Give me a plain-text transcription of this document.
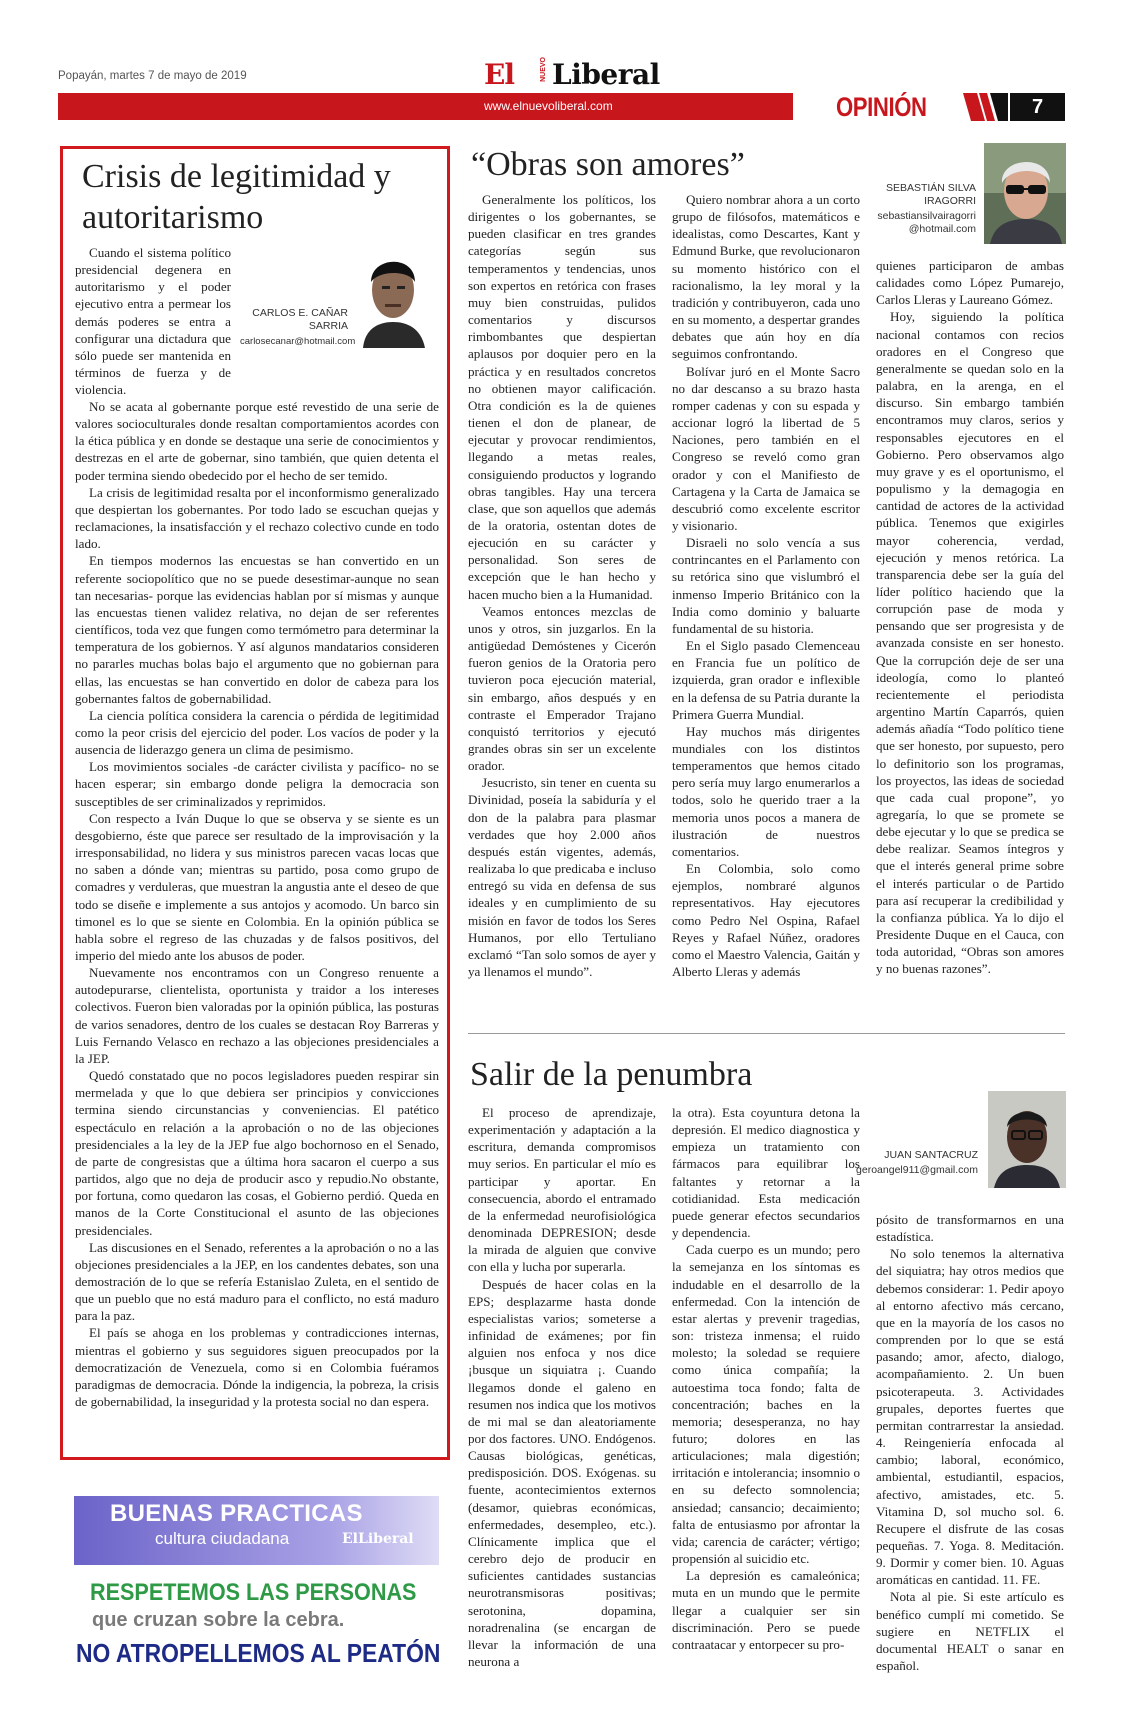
Popayán, martes 7 de mayo de 2019	El	NUEVO Liberal
www.elnuevoliberal.com	OPINIÓN	7
Crisis de legitimidad y autoritarismo

Cuando el sistema político presidencial degenera en autoritarismo y el poder ejecutivo entra a permear los demás poderes se entra a configurar una dictadura que sólo puede ser mantenida en términos de fuerza y de violencia.

CARLOS E. CAÑAR SARRIA
carlosecanar@hotmail.com

No se acata al gobernante porque esté revestido de una serie de valores socioculturales donde resaltan comportamientos acordes con la ética pública y en donde se destaque una serie de conocimientos y destrezas en el arte de gobernar, sino también, que quien detenta el poder termina siendo obedecido por el hecho de ser temido.

La crisis de legitimidad resalta por el inconformismo generalizado que despiertan los gobernantes. Por todo lado se escuchan quejas y reclamaciones, la insatisfacción y el rechazo colectivo cunde en todo lado.

En tiempos modernos las encuestas se han convertido en un referente sociopolítico que no se puede desestimar-aunque no sean tan necesarias- porque las evidencias hablan por sí mismas y aunque las encuestas tienen validez relativa, no dejan de ser referentes científicos, toda vez que fungen como termómetro para determinar la temperatura de los gobiernos. Y así algunos mandatarios consideren no pararles muchas bolas bajo el argumento que no gobiernan para ellas, las encuestas se han convertido en dolor de cabeza para los gobernantes faltos de gobernabilidad.

La ciencia política considera la carencia o pérdida de legitimidad como la peor crisis del ejercicio del poder. Los vacíos de poder y la ausencia de liderazgo genera un clima de pesimismo.

Los movimientos sociales -de carácter civilista y pacífico- no se hacen esperar; sin embargo donde peligra la democracia son susceptibles de ser criminalizados y reprimidos.

Con respecto a Iván Duque lo que se observa y se siente es un desgobierno, éste que parece ser resultado de la improvisación y la irresponsabilidad, no lidera y sus ministros parecen vacas locas que no saben a dónde van; mientras su partido, posa como grupo de comadres y verduleras, que muestran la angustia ante el deseo de que todo se diseñe e implemente a sus antojos y acomodo. Un barco sin timonel es lo que se siente en Colombia. En la opinión pública se habla sobre el regreso de las chuzadas y de falsos positivos, del imperio del miedo ante los abusos de poder.

Nuevamente nos encontramos con un Congreso renuente a autodepurarse, clientelista, oportunista y traidor a los intereses colectivos. Fueron bien valoradas por la opinión pública, las posturas de varios senadores, dentro de los cuales se destacan Roy Barreras y Luis Fernando Velasco en rechazo a las objeciones presidenciales a la JEP.

Quedó constatado que no pocos legisladores pueden respirar sin mermelada y que lo que debiera ser principios y convicciones termina siendo circunstancias y conveniencias. El patético espectáculo en relación a la aprobación o no de las objeciones presidenciales a la ley de la JEP fue algo bochornoso en el Senado, de parte de congresistas que a última hora sacaron el cuerpo a sus partidos, algo que no deja de producir asco y repudio.No obstante, por fortuna, como quedaron las cosas, el Gobierno perdió. Queda en manos de la Corte Constitucional el asunto de las objeciones presidenciales.

Las discusiones en el Senado, referentes a la aprobación o no a las objeciones presidenciales a la JEP, en los candentes debates, son una demostración de lo que se refería Estanislao Zuleta, en el sentido de que un pueblo que no está maduro para el conflicto, no está maduro para la paz.

El país se ahoga en los problemas y contradicciones internas, mientras el gobierno y sus seguidores siguen preocupados por la democratización de Venezuela, como si en Colombia fuéramos paradigmas de democracia. Dónde la indigencia, la pobreza, la crisis de gobernabilidad, la inseguridad y la protesta social no dan espera.

“Obras son amores”
SEBASTIÁN SILVA IRAGORRI
sebastiansilvairagorri@hotmail.com

Generalmente los políticos, los dirigentes o los gobernantes, se pueden clasificar en tres grandes categorías según sus temperamentos y tendencias, unos son expertos en retórica con frases muy bien construidas, pulidos comentarios y discursos rimbombantes que despiertan aplausos por doquier pero en la práctica y en resultados concretos no obtienen mayor calificación. Otra condición es la de quienes tienen el don de planear, de ejecutar y provocar rendimientos, llegando a metas reales, consiguiendo productos y logrando obras tangibles. Hay una tercera clase, que son aquellos que además de la oratoria, ostentan dotes de ejecución en su carácter y personalidad. Son seres de excepción que le han hecho y hacen mucho bien a la Humanidad.

Veamos entonces mezclas de unos y otros, sin juzgarlos. En la antigüedad Demóstenes y Cicerón fueron genios de la Oratoria pero tuvieron poca ejecución material, sin embargo, años después y en contraste el Emperador Trajano conquistó territorios y ejecutó grandes obras sin ser un excelente orador.

Jesucristo, sin tener en cuenta su Divinidad, poseía la sabiduría y el don de la palabra para plasmar verdades que hoy 2.000 años después están vigentes, además, realizaba lo que predicaba e incluso entregó su vida en defensa de sus ideales y en cumplimiento de su misión en favor de todos los Seres Humanos, por ello Tertuliano exclamó “Tan solo somos de ayer y ya llenamos el mundo”.

Quiero nombrar ahora a un corto grupo de filósofos, matemáticos e idealistas, como Descartes, Kant y Edmund Burke, que revolucionaron su momento histórico con el racionalismo, la ley moral y la tradición y contribuyeron, cada uno en su momento, a despertar grandes debates que aún hoy en día seguimos confrontando.

Bolívar juró en el Monte Sacro no dar descanso a su brazo hasta romper cadenas y con su espada y accionar logró la libertad de 5 Naciones, pero también en el Congreso se reveló como gran orador y con el Manifiesto de Cartagena y la Carta de Jamaica se descubrió como excelente escritor y visionario.

Disraeli no solo vencía a sus contrincantes en el Parlamento con su retórica sino que vislumbró el inmenso Imperio Británico con la India como dominio y baluarte fundamental de su historia.

En el Siglo pasado Clemenceau en Francia fue un político de izquierda, gran orador e inflexible en la defensa de su Patria durante la Primera Guerra Mundial.

Hay muchos más dirigentes mundiales con los distintos temperamentos que hemos citado pero sería muy largo enumerarlos a todos, solo he querido traer a la memoria unos pocos a manera de ilustración de nuestros comentarios.

En Colombia, solo como ejemplos, nombraré algunos representativos. Hay ejecutores como Pedro Nel Ospina, Rafael Reyes y Rafael Núñez, oradores como el Maestro Valencia, Gaitán y Alberto Lleras y además

quienes participaron de ambas calidades como López Pumarejo, Carlos Lleras y Laureano Gómez.

Hoy, siguiendo la política nacional contamos con recios oradores en el Congreso que generalmente se quedan solo en la palabra, en la arenga, en el discurso. Sin embargo también encontramos muy claros, serios y responsables ejecutores en el Gobierno. Pero observamos algo muy grave y es el oportunismo, el populismo y la demagogia en cantidad de actores de la actividad pública. Tenemos que exigirles mayor coherencia, verdad, ejecución y menos retórica. La transparencia debe ser la guía del líder político haciendo que la corrupción pase de moda y pensando que ser progresista y de avanzada consiste en ser honesto. Que la corrupción deje de ser una ideología, como lo planteó recientemente el periodista argentino Martín Caparrós, quien además añadía “Todo político tiene que ser honesto, por supuesto, pero lo definitorio son los programas, los proyectos, las ideas de sociedad que cada cual propone”, yo agregaría, lo que se promete se debe ejecutar y lo que se predica se debe realizar. Seamos íntegros y que el interés general prime sobre el interés particular o de Partido para así recuperar la credibilidad y la confianza pública. Ya lo dijo el Presidente Duque en el Cauca, con toda autoridad, “Obras son amores y no buenas razones”.

Salir de la penumbra
JUAN SANTACRUZ
geroangel911@gmail.com

El proceso de aprendizaje, experimentación y adaptación a la escritura, demanda compromisos muy serios. En particular el mío es participar y aportar. En consecuencia, abordo el entramado de la enfermedad neurofisiológica denominada DEPRESION; desde la mirada de alguien que convive con ella y lucha por superarla.

Después de hacer colas en la EPS; desplazarme hasta donde especialistas varios; someterse a infinidad de exámenes; por fin alguien nos enfoca y nos dice ¡busque un siquiatra ¡. Cuando llegamos donde el galeno en resumen nos indica que los motivos de mi mal se dan aleatoriamente por dos factores. UNO. Endógenos. Causas biológicas, genéticas, predisposición. DOS. Exógenas. su fuente, acontecimientos externos (desamor, quiebras económicas, enfermedades, desempleo, etc.). Clínicamente implica que el cerebro dejo de producir en suficientes cantidades sustancias neurotransmisoras positivas; serotonina, dopamina, noradrenalina (se encargan de llevar la información de una neurona a

la otra). Esta coyuntura detona la depresión. El medico diagnostica y empieza un tratamiento con fármacos para equilibrar los faltantes y retornar a la cotidianidad. Esta medicación puede generar efectos secundarios y dependencia.

Cada cuerpo es un mundo; pero la semejanza en los síntomas es indudable en el desarrollo de la enfermedad. Con la intención de estar alertas y prevenir tragedias, son: tristeza inmensa; el ruido molesto; la soledad se requiere como única compañía; la autoestima toca fondo; falta de concentración; baches en la memoria; desesperanza, no hay futuro; dolores en las articulaciones; mala digestión; irritación e intolerancia; insomnio o en su defecto somnolencia; ansiedad; cansancio; decaimiento; falta de entusiasmo por afrontar la vida; carencia de carácter; vértigo; propensión al suicidio etc.

La depresión es camaleónica; muta en un mundo que le permite llegar a cualquier ser sin discriminación. Pero se puede contraatacar y entorpecer su pro-

pósito de transformarnos en una estadística.

No solo tenemos la alternativa del siquiatra; hay otros medios que debemos considerar: 1. Pedir apoyo al entorno afectivo más cercano, que en la mayoría de los casos no comprenden por lo que se está pasando; amor, afecto, dialogo, acompañamiento. 2. Un buen psicoterapeuta. 3. Actividades grupales, deportes fuertes que permitan contrarrestar la ansiedad. 4. Reingeniería enfocada al cambio; laboral, económico, ambiental, estudiantil, espacios, afectivo, amistades, etc. 5. Vitamina D, sol mucho sol. 6. Recupere el disfrute de las cosas pequeñas. 7. Yoga. 8. Meditación. 9. Dormir y comer bien. 10. Aguas aromáticas en cantidad. 11. FE.

Nota al pie. Si este artículo es benéfico cumplí mi cometido. Se sugiere en NETFLIX el documental HEALT o sanar en español.

BUENAS PRACTICAS
cultura ciudadana	ElLiberal
RESPETEMOS LAS PERSONAS
que cruzan sobre la cebra.
NO ATROPELLEMOS AL PEATÓN
